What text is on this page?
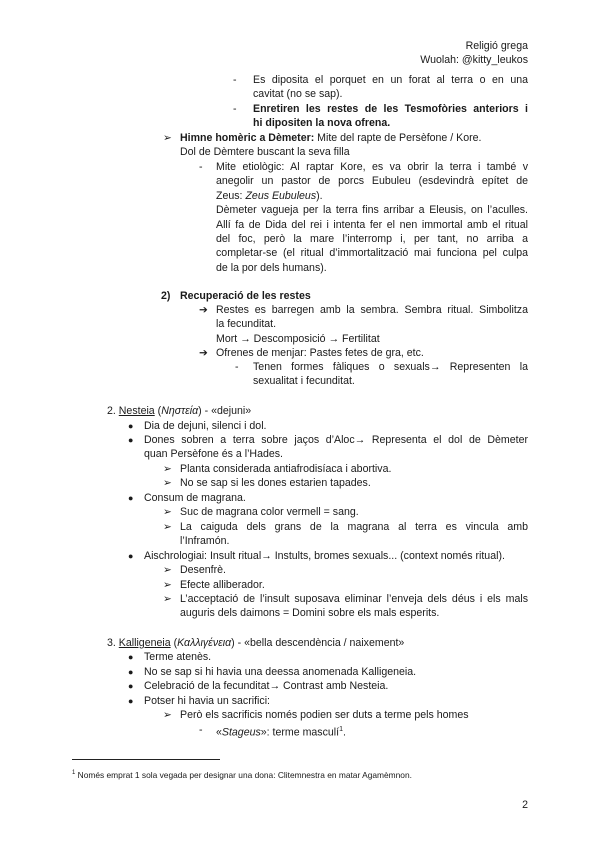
Religió grega
Wuolah: @kitty_leukos
- Es diposita el porquet en un forat al terra o en una
cavitat (no se sap).
- Enretiren les restes de les Tesmofòries anteriors i
hi dipositen la nova ofrena.
➢ Himne homèric a Dèmeter: Mite del rapte de Persèfone / Kore.
Dol de Dèmtere buscant la seva filla
- Mite etiològic: Al raptar Kore, es va obrir la terra i també v
anegolir un pastor de porcs Eubuleu (esdevindrà epítet de
Zeus: Zeus Eubuleus).
Dèmeter vagueja per la terra fins arribar a Eleusis, on l’aculles.
Allí fa de Dida del rei i intenta fer el nen immortal amb el ritual
del foc, però la mare l’interromp i, per tant, no arriba a
completar-se (el ritual d’immortalització mai funciona pel culpa
de la por dels humans).
2) Recuperació de les restes
➔ Restes es barregen amb la sembra. Sembra ritual. Simbolitza
la fecunditat.
Mort → Descomposició → Fertilitat
➔ Ofrenes de menjar: Pastes fetes de gra, etc.
- Tenen formes fàliques o sexuals→ Representen la
sexualitat i fecunditat.
2. Nesteia (Νηστεία) - «dejuni»
● Dia de dejuni, silenci i dol.
● Dones sobren a terra sobre jaços d’Aloc→ Representa el dol de Dèmeter
quan Persèfone és a l’Hades.
➢ Planta considerada antiafrodisíaca i abortiva.
➢ No se sap si les dones estarien tapades.
● Consum de magrana.
➢ Suc de magrana color vermell = sang.
➢ La caiguda dels grans de la magrana al terra es vincula amb
l’Infram​ón.
● Aischrologiai: Insult ritual→ Instults, bromes sexuals... (context només ritual).
➢ Desenfrè.
➢ Efecte alliberador.
➢ L’acceptació de l’insult suposava eliminar l’enveja dels déus i els mals
auguris dels daimons = Domini sobre els mals esperits.
3. Kalligeneia (Καλλιγένεια) - «bella descendència / naixement»
● Terme atenès.
● No se sap si hi havia una deessa anomenada Kalligeneia.
● Celebració de la fecunditat→ Contrast amb Nesteia.
● Potser hi havia un sacrifici:
➢ Però els sacrificis només podien ser duts a terme pels homes
- «Stageus»: terme masculí$^1$.
$^1$ Només emprat 1 sola vegada per designar una dona: Clitemnestra en matar Agamèmnon.
2
